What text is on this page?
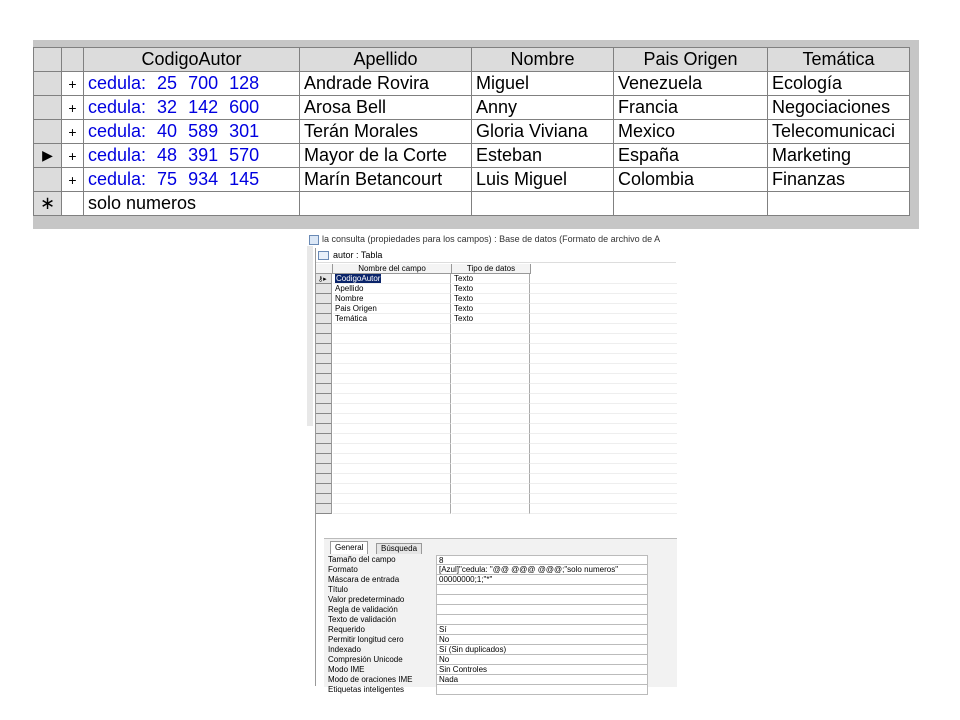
		CodigoAutor	Apellido	Nombre	Pais Origen	Temática
	+	cedula: 25 700 128	Andrade Rovira	Miguel	Venezuela	Ecología
	+	cedula: 32 142 600	Arosa Bell	Anny	Francia	Negociaciones
	+	cedula: 40 589 301	Terán Morales	Gloria Viviana	Mexico	Telecomunicaci
▶	+	cedula: 48 391 570	Mayor de la Corte	Esteban	España	Marketing
	+	cedula: 75 934 145	Marín Betancourt	Luis Miguel	Colombia	Finanzas
∗		solo numeros				
la consulta (propiedades para los campos) : Base de datos (Formato de archivo de A
autor : Tabla
Nombre del campo	Tipo de datos
⚷▸	CodigoAutor	Texto
Apellido	Texto
Nombre	Texto
Pais Origen	Texto
Temática	Texto
General	Búsqueda
Tamaño del campo	8
Formato	[Azul]"cedula: "@@ @@@ @@@;"solo numeros"
Máscara de entrada	00000000;1;"*"
Título
Valor predeterminado
Regla de validación
Texto de validación
Requerido	Sí
Permitir longitud cero	No
Indexado	Sí (Sin duplicados)
Compresión Unicode	No
Modo IME	Sin Controles
Modo de oraciones IME	Nada
Etiquetas inteligentes
